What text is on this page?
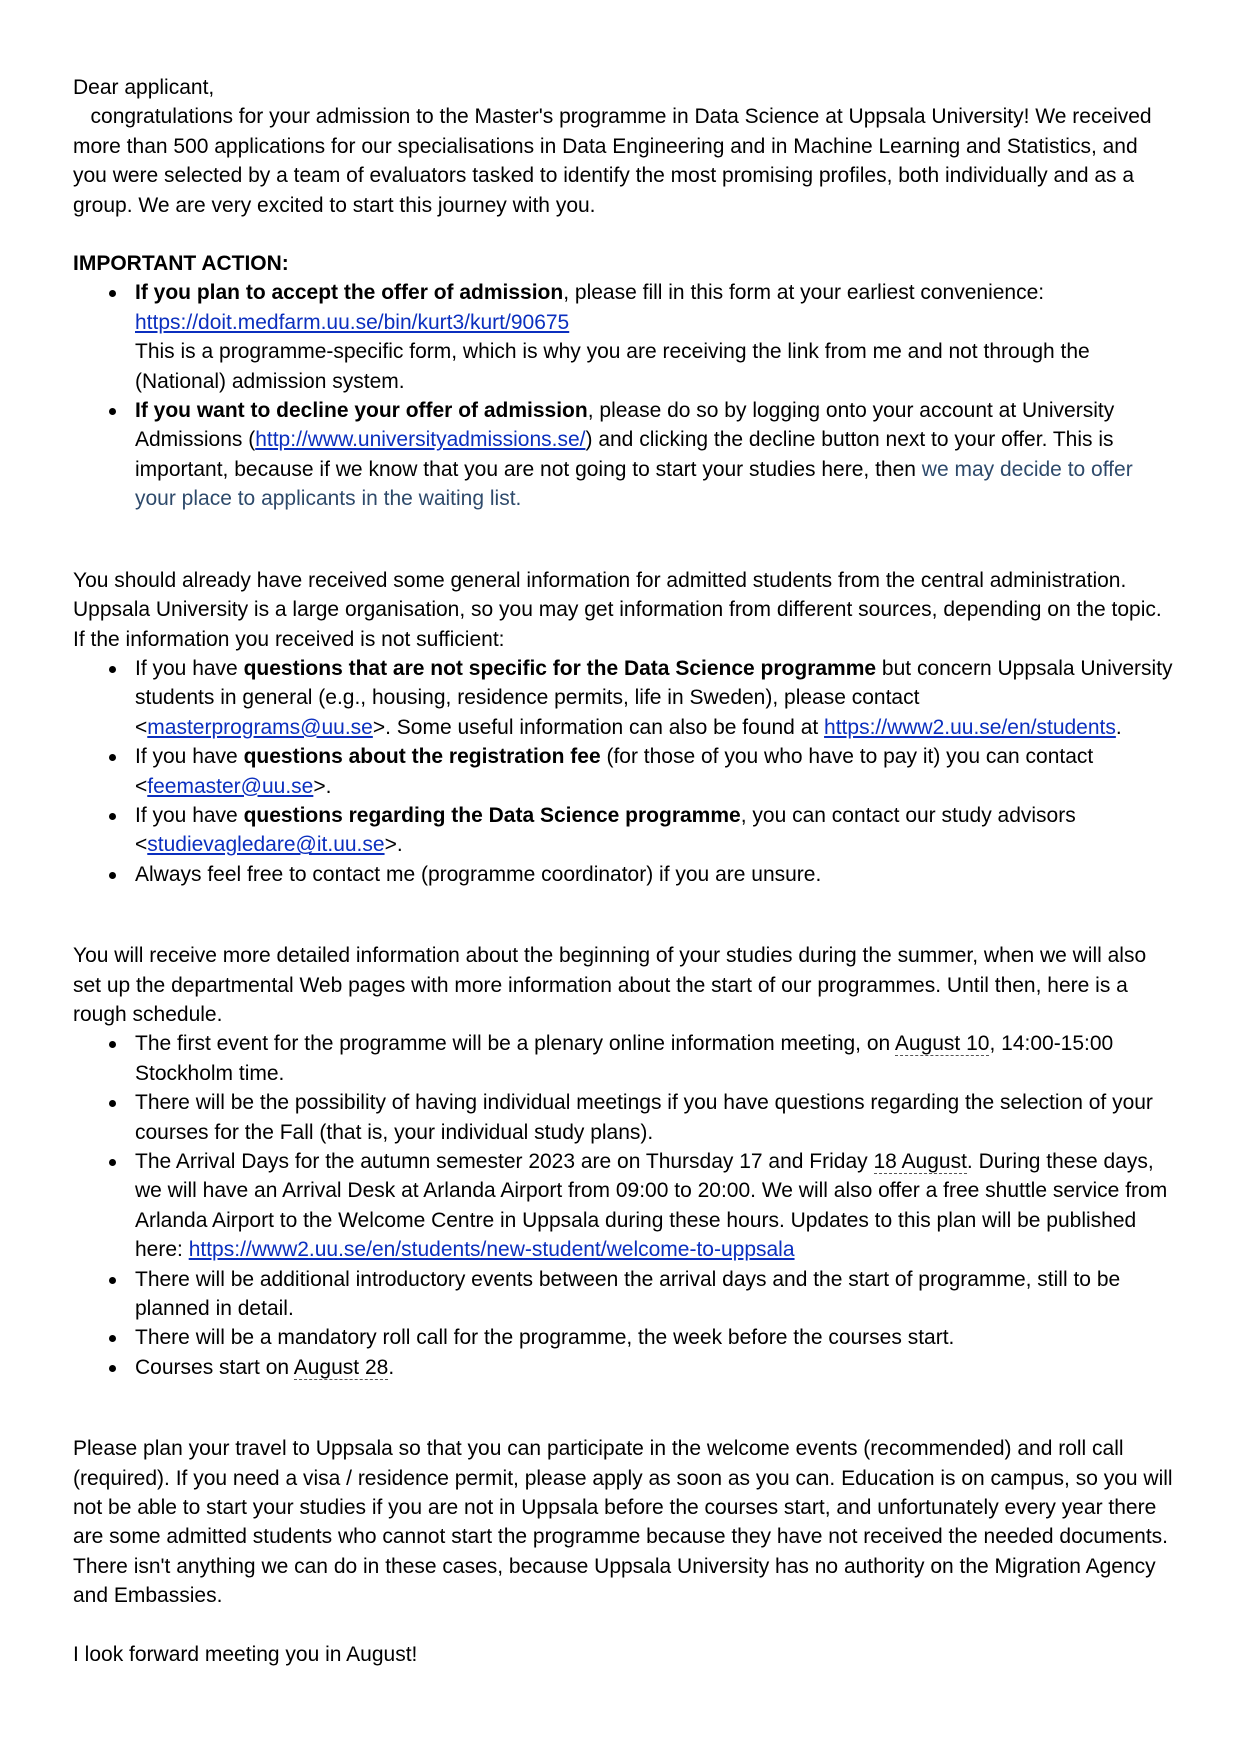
Dear applicant,

congratulations for your admission to the Master's programme in Data Science at Uppsala University! We received more than 500 applications for our specialisations in Data Engineering and in Machine Learning and Statistics, and you were selected by a team of evaluators tasked to identify the most promising profiles, both individually and as a group. We are very excited to start this journey with you.

IMPORTANT ACTION:

If you plan to accept the offer of admission, please fill in this form at your earliest convenience: https://doit.medfarm.uu.se/bin/kurt3/kurt/90675
This is a programme-specific form, which is why you are receiving the link from me and not through the (National) admission system.
If you want to decline your offer of admission, please do so by logging onto your account at University Admissions (http://www.universityadmissions.se/) and clicking the decline button next to your offer. This is important, because if we know that you are not going to start your studies here, then we may decide to offer your place to applicants in the waiting list.

You should already have received some general information for admitted students from the central administration. Uppsala University is a large organisation, so you may get information from different sources, depending on the topic. If the information you received is not sufficient:

If you have questions that are not specific for the Data Science programme but concern Uppsala University students in general (e.g., housing, residence permits, life in Sweden), please contact <masterprograms@uu.se>. Some useful information can also be found at https://www2.uu.se/en/students.
If you have questions about the registration fee (for those of you who have to pay it) you can contact <feemaster@uu.se>.
If you have questions regarding the Data Science programme, you can contact our study advisors <studievagledare@it.uu.se>.
Always feel free to contact me (programme coordinator) if you are unsure.

You will receive more detailed information about the beginning of your studies during the summer, when we will also set up the departmental Web pages with more information about the start of our programmes. Until then, here is a rough schedule.

The first event for the programme will be a plenary online information meeting, on August 10, 14:00-15:00 Stockholm time.
There will be the possibility of having individual meetings if you have questions regarding the selection of your courses for the Fall (that is, your individual study plans).
The Arrival Days for the autumn semester 2023 are on Thursday 17 and Friday 18 August. During these days, we will have an Arrival Desk at Arlanda Airport from 09:00 to 20:00. We will also offer a free shuttle service from Arlanda Airport to the Welcome Centre in Uppsala during these hours. Updates to this plan will be published here: https://www2.uu.se/en/students/new-student/welcome-to-uppsala
There will be additional introductory events between the arrival days and the start of programme, still to be planned in detail.
There will be a mandatory roll call for the programme, the week before the courses start.
Courses start on August 28.

Please plan your travel to Uppsala so that you can participate in the welcome events (recommended) and roll call (required). If you need a visa / residence permit, please apply as soon as you can. Education is on campus, so you will not be able to start your studies if you are not in Uppsala before the courses start, and unfortunately every year there are some admitted students who cannot start the programme because they have not received the needed documents. There isn't anything we can do in these cases, because Uppsala University has no authority on the Migration Agency and Embassies.

I look forward meeting you in August!
